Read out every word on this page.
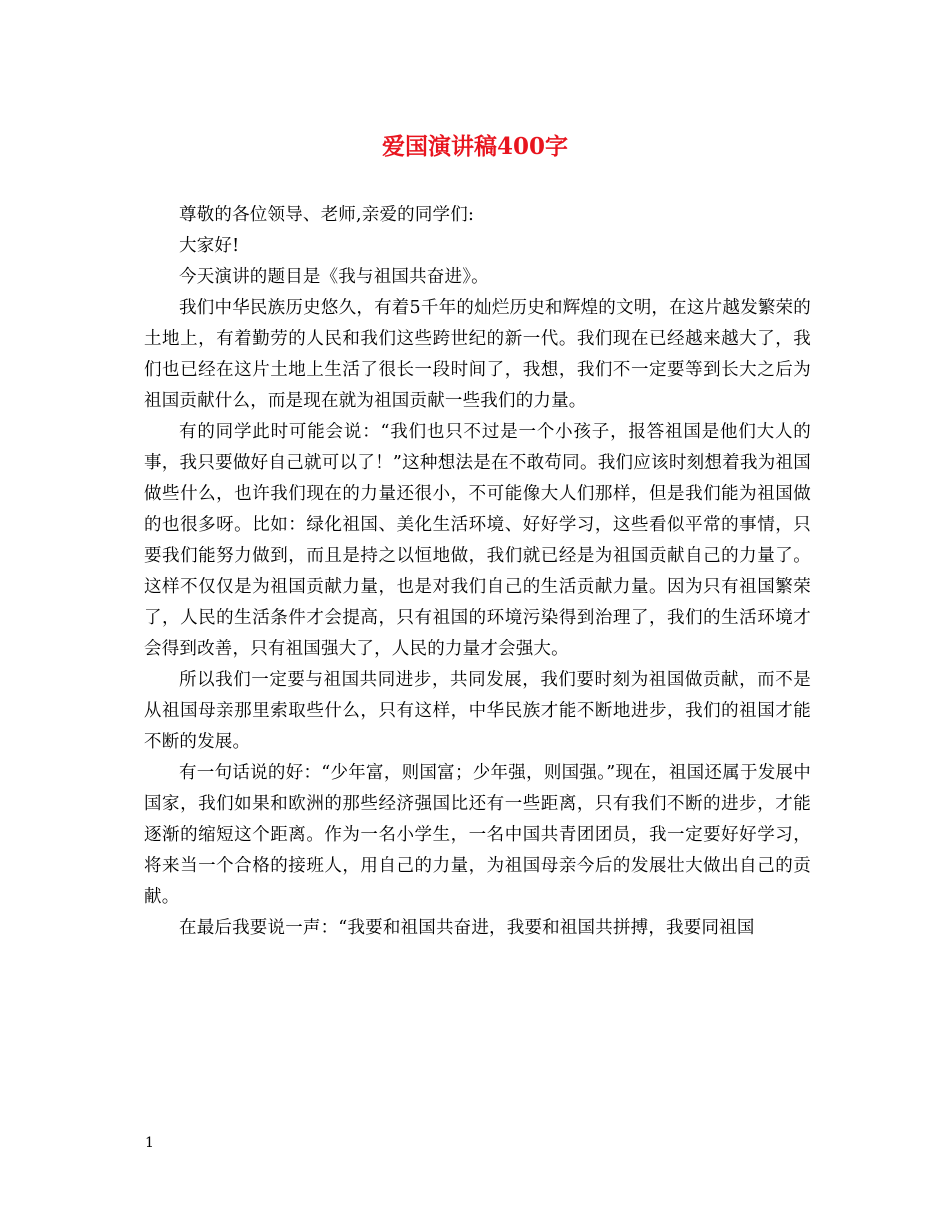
爱国演讲稿400字

尊敬的各位领导、老师,亲爱的同学们:

大家好!

今天演讲的题目是《我与祖国共奋进》。

我们中华民族历史悠久，有着5千年的灿烂历史和辉煌的文明，在这片越发繁荣的土地上，有着勤劳的人民和我们这些跨世纪的新一代。我们现在已经越来越大了，我们也已经在这片土地上生活了很长一段时间了，我想，我们不一定要等到长大之后为祖国贡献什么，而是现在就为祖国贡献一些我们的力量。

有的同学此时可能会说：“我们也只不过是一个小孩子，报答祖国是他们大人的事，我只要做好自己就可以了！”这种想法是在不敢苟同。我们应该时刻想着我为祖国做些什么，也许我们现在的力量还很小，不可能像大人们那样，但是我们能为祖国做的也很多呀。比如：绿化祖国、美化生活环境、好好学习，这些看似平常的事情，只要我们能努力做到，而且是持之以恒地做，我们就已经是为祖国贡献自己的力量了。这样不仅仅是为祖国贡献力量，也是对我们自己的生活贡献力量。因为只有祖国繁荣了，人民的生活条件才会提高，只有祖国的环境污染得到治理了，我们的生活环境才会得到改善，只有祖国强大了，人民的力量才会强大。

所以我们一定要与祖国共同进步，共同发展，我们要时刻为祖国做贡献，而不是从祖国母亲那里索取些什么，只有这样，中华民族才能不断地进步，我们的祖国才能不断的发展。

有一句话说的好：“少年富，则国富；少年强，则国强。”现在，祖国还属于发展中国家，我们如果和欧洲的那些经济强国比还有一些距离，只有我们不断的进步，才能逐渐的缩短这个距离。作为一名小学生，一名中国共青团团员，我一定要好好学习，将来当一个合格的接班人，用自己的力量，为祖国母亲今后的发展壮大做出自己的贡献。

在最后我要说一声：“我要和祖国共奋进，我要和祖国共拼搏，我要同祖国

1
